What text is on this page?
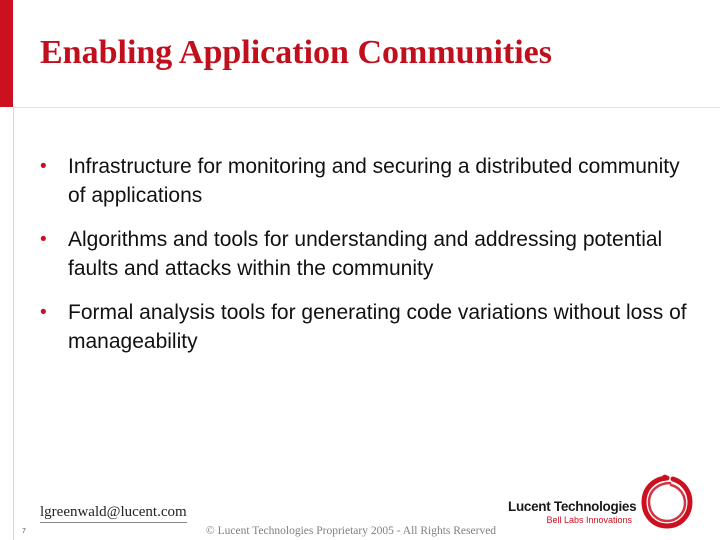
Enabling Application Communities
• Infrastructure for monitoring and securing a distributed community of applications
• Algorithms and tools for understanding and addressing potential faults and attacks within the community
• Formal analysis tools for generating code variations without loss of manageability
lgreenwald@lucent.com
7	© Lucent Technologies Proprietary 2005 - All Rights Reserved
Lucent Technologies
Bell Labs Innovations
